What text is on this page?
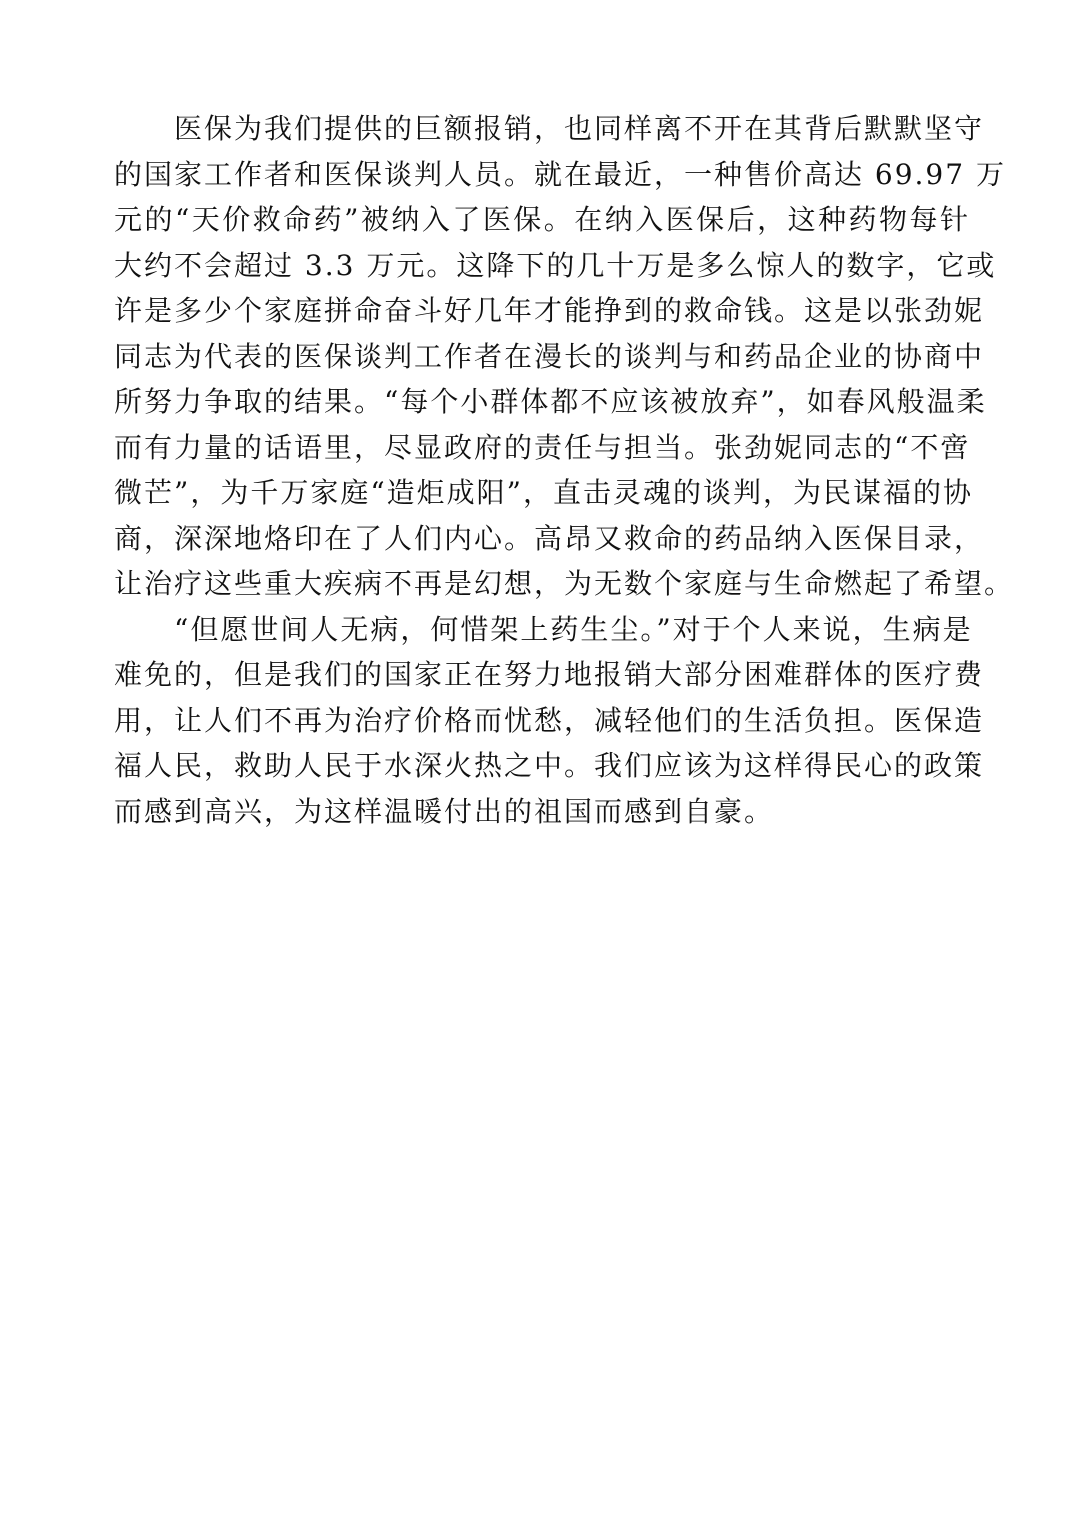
医保为我们提供的巨额报销，也同样离不开在其背后默默坚守
的国家工作者和医保谈判人员。就在最近，一种售价高达 69.97 万
元的“天价救命药”被纳入了医保。在纳入医保后，这种药物每针
大约不会超过 3.3 万元。这降下的几十万是多么惊人的数字，它或
许是多少个家庭拼命奋斗好几年才能挣到的救命钱。这是以张劲妮
同志为代表的医保谈判工作者在漫长的谈判与和药品企业的协商中
所努力争取的结果。“每个小群体都不应该被放弃”，如春风般温柔
而有力量的话语里，尽显政府的责任与担当。张劲妮同志的“不啻
微芒”，为千万家庭“造炬成阳”，直击灵魂的谈判，为民谋福的协
商，深深地烙印在了人们内心。高昂又救命的药品纳入医保目录，
让治疗这些重大疾病不再是幻想，为无数个家庭与生命燃起了希望。
“但愿世间人无病，何惜架上药生尘。”对于个人来说，生病是
难免的，但是我们的国家正在努力地报销大部分困难群体的医疗费
用，让人们不再为治疗价格而忧愁，减轻他们的生活负担。医保造
福人民，救助人民于水深火热之中。我们应该为这样得民心的政策
而感到高兴，为这样温暖付出的祖国而感到自豪。
